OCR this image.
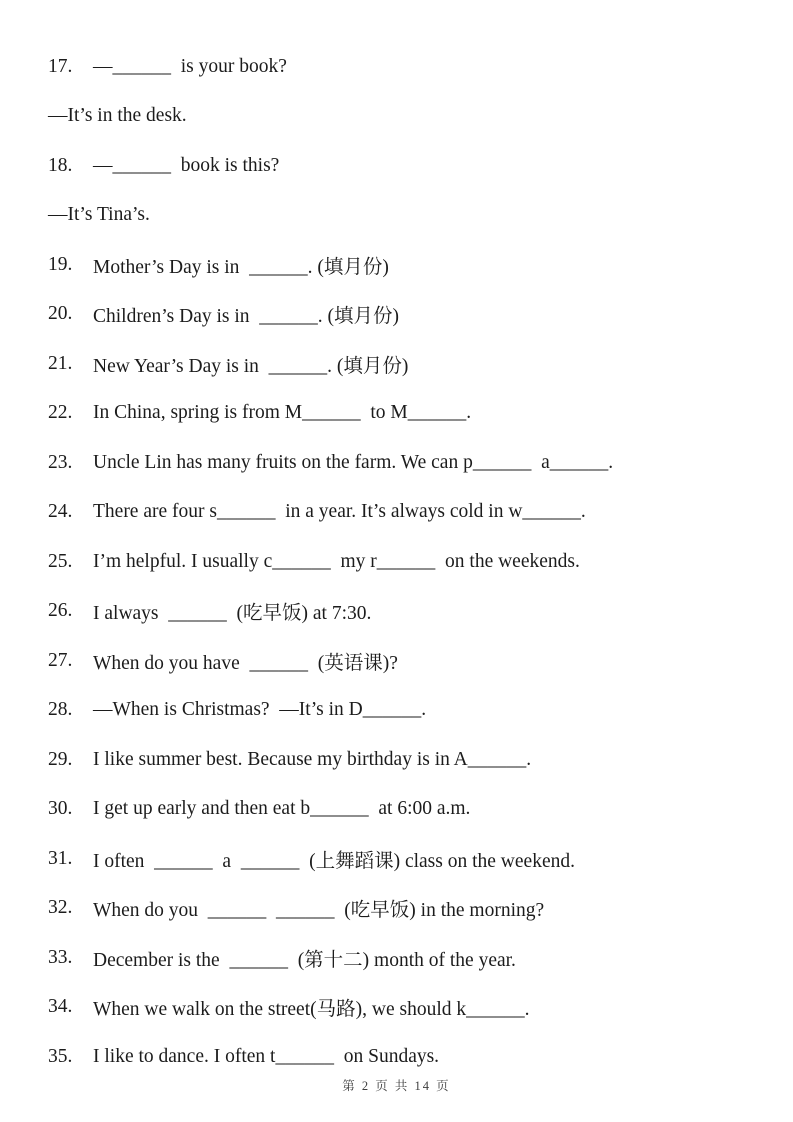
17.	—______  is your book?
—It’s in the desk.
18.	—______  book is this?
—It’s Tina’s.
19.	Mother’s Day is in  ______. (填月份)
20.	Children’s Day is in  ______. (填月份)
21.	New Year’s Day is in  ______. (填月份)
22.	In China, spring is from M______  to M______.
23.	Uncle Lin has many fruits on the farm. We can p______  a______.
24.	There are four s______  in a year. It’s always cold in w______.
25.	I’m helpful. I usually c______  my r______  on the weekends.
26.	I always  ______  (吃早饭) at 7:30.
27.	When do you have  ______  (英语课)?
28.	—When is Christmas?  —It’s in D______.
29.	I like summer best. Because my birthday is in A______.
30.	I get up early and then eat b______  at 6:00 a.m.
31.	I often  ______  a  ______  (上舞蹈课) class on the weekend.
32.	When do you  ______  ______  (吃早饭) in the morning?
33.	December is the  ______  (第十二) month of the year.
34.	When we walk on the street(马路), we should k______.
35.	I like to dance. I often t______  on Sundays.
第 2 页 共 14 页
